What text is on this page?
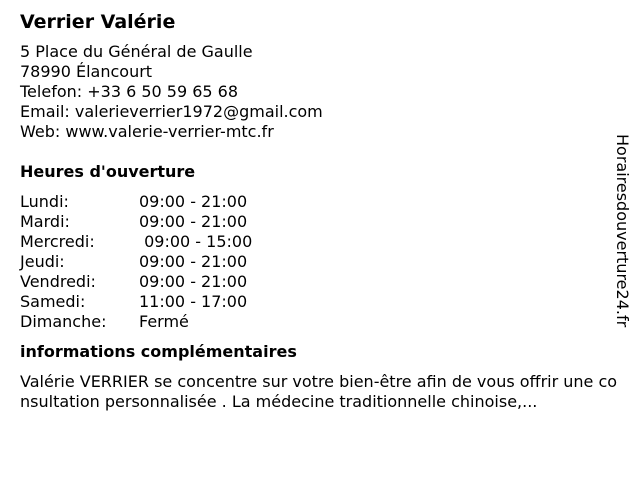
Verrier Valérie
5 Place du Général de Gaulle
78990 Élancourt
Telefon: +33 6 50 59 65 68
Email: valerieverrier1972@gmail.com
Web: www.valerie-verrier-mtc.fr
Heures d'ouverture
Lundi:	09:00 - 21:00
Mardi:	09:00 - 21:00
Mercredi:	09:00 - 15:00
Jeudi:	09:00 - 21:00
Vendredi:	09:00 - 21:00
Samedi:	11:00 - 17:00
Dimanche:	Fermé
informations complémentaires
Valérie VERRIER se concentre sur votre bien-être afin de vous offrir une consultation personnalisée . La médecine traditionnelle chinoise,...
Horairesdouverture24.fr
